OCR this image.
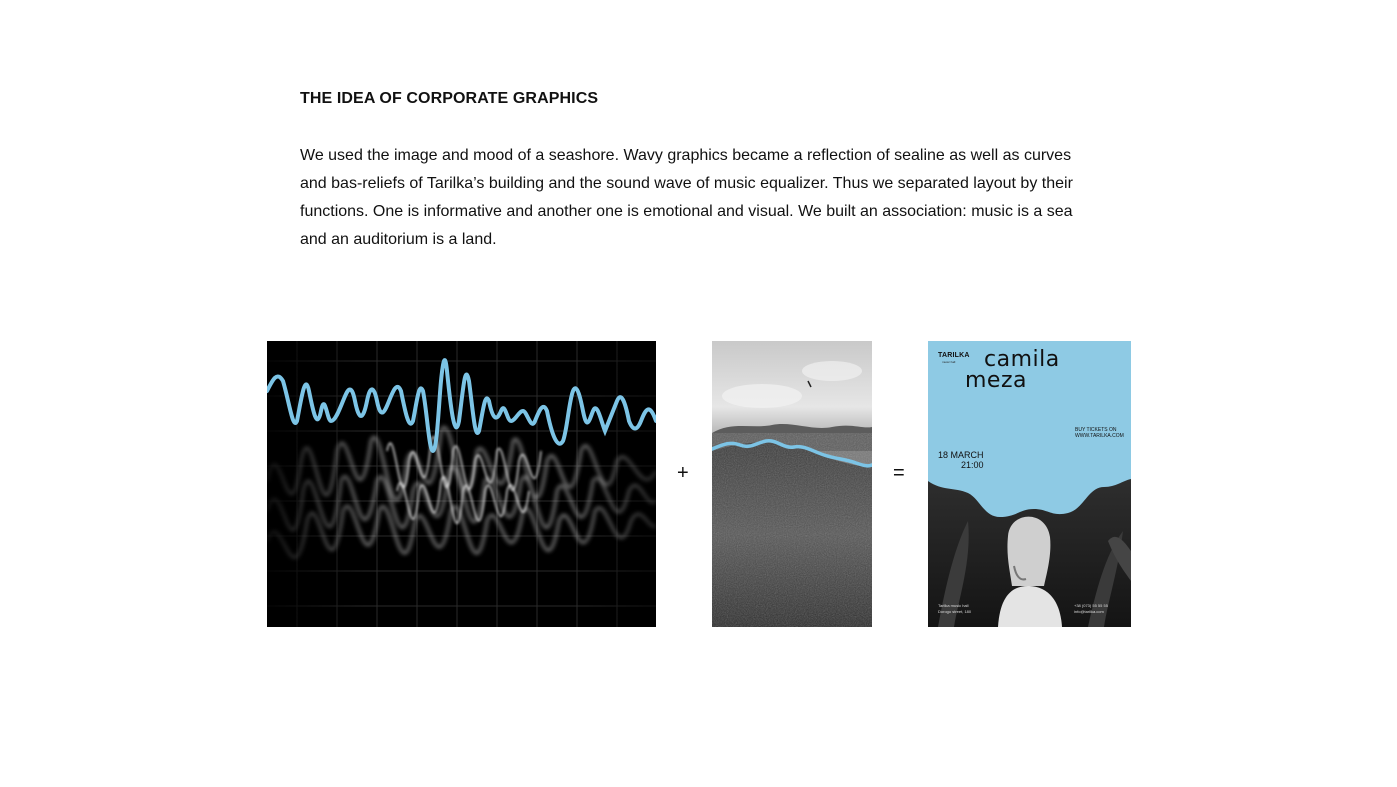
THE IDEA OF CORPORATE GRAPHICS
We used the image and mood of a seashore. Wavy graphics became a reflection of sealine as well as curves
and bas-reliefs of Tarilka’s building and the sound wave of music equalizer. Thus we separated layout by their
functions. One is informative and another one is emotional and visual. We built an association: music is a sea
and an auditorium is a land.
+	=
TARILKA
music hall camila
meza
BUY TICKETS ON
WWW.TARILKA.COM
18 MARCH
21:00
Tarilka music hall
Dorogo street, 180
+38 (073) 55 55 55
info@tarilka.com
